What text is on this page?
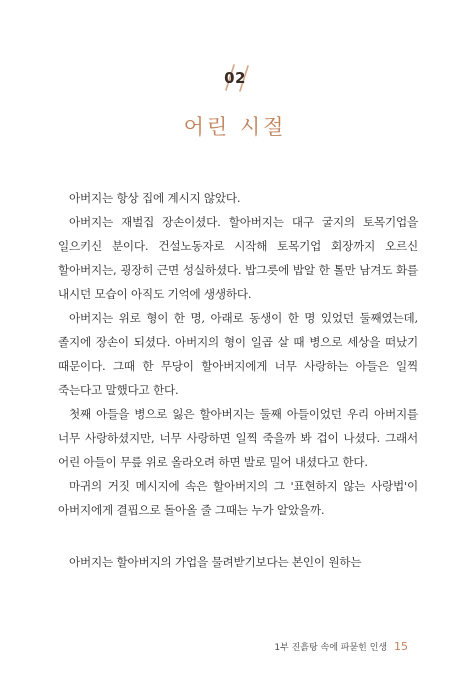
02
어린 시절

아버지는 항상 집에 계시지 않았다.

아버지는 재벌집 장손이셨다. 할아버지는 대구 굴지의 토목기업을 일으키신 분이다. 건설노동자로 시작해 토목기업 회장까지 오르신 할아버지는, 굉장히 근면 성실하셨다. 밥그릇에 밥알 한 톨만 남겨도 화를 내시던 모습이 아직도 기억에 생생하다.

아버지는 위로 형이 한 명, 아래로 동생이 한 명 있었던 둘째였는데, 졸지에 장손이 되셨다. 아버지의 형이 일곱 살 때 병으로 세상을 떠났기 때문이다. 그때 한 무당이 할아버지에게 너무 사랑하는 아들은 일찍 죽는다고 말했다고 한다.

첫째 아들을 병으로 잃은 할아버지는 둘째 아들이었던 우리 아버지를 너무 사랑하셨지만, 너무 사랑하면 일찍 죽을까 봐 겁이 나셨다. 그래서 어린 아들이 무릎 위로 올라오려 하면 발로 밀어 내셨다고 한다.

마귀의 거짓 메시지에 속은 할아버지의 그 '표현하지 않는 사랑법'이 아버지에게 결핍으로 돌아올 줄 그때는 누가 알았을까.

아버지는 할아버지의 가업을 물려받기보다는 본인이 원하는

1부 진흙탕 속에 파묻힌 인생 15
